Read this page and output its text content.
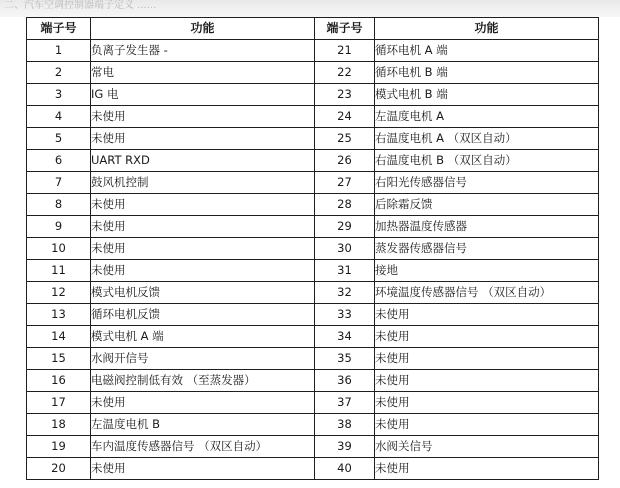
二、汽车空调控制器端子定义 ......
端子号	功能	端子号	功能
1	负离子发生器 -	21	循环电机 A 端
2	常电	22	循环电机 B 端
3	IG 电	23	模式电机 B 端
4	未使用	24	左温度电机 A
5	未使用	25	右温度电机 A （双区自动）
6	UART RXD	26	右温度电机 B （双区自动）
7	鼓风机控制	27	右阳光传感器信号
8	未使用	28	后除霜反馈
9	未使用	29	加热器温度传感器
10	未使用	30	蒸发器传感器信号
11	未使用	31	接地
12	模式电机反馈	32	环境温度传感器信号 （双区自动）
13	循环电机反馈	33	未使用
14	模式电机 A 端	34	未使用
15	水阀开信号	35	未使用
16	电磁阀控制低有效 （至蒸发器）	36	未使用
17	未使用	37	未使用
18	左温度电机 B	38	未使用
19	车内温度传感器信号 （双区自动）	39	水阀关信号
20	未使用	40	未使用
